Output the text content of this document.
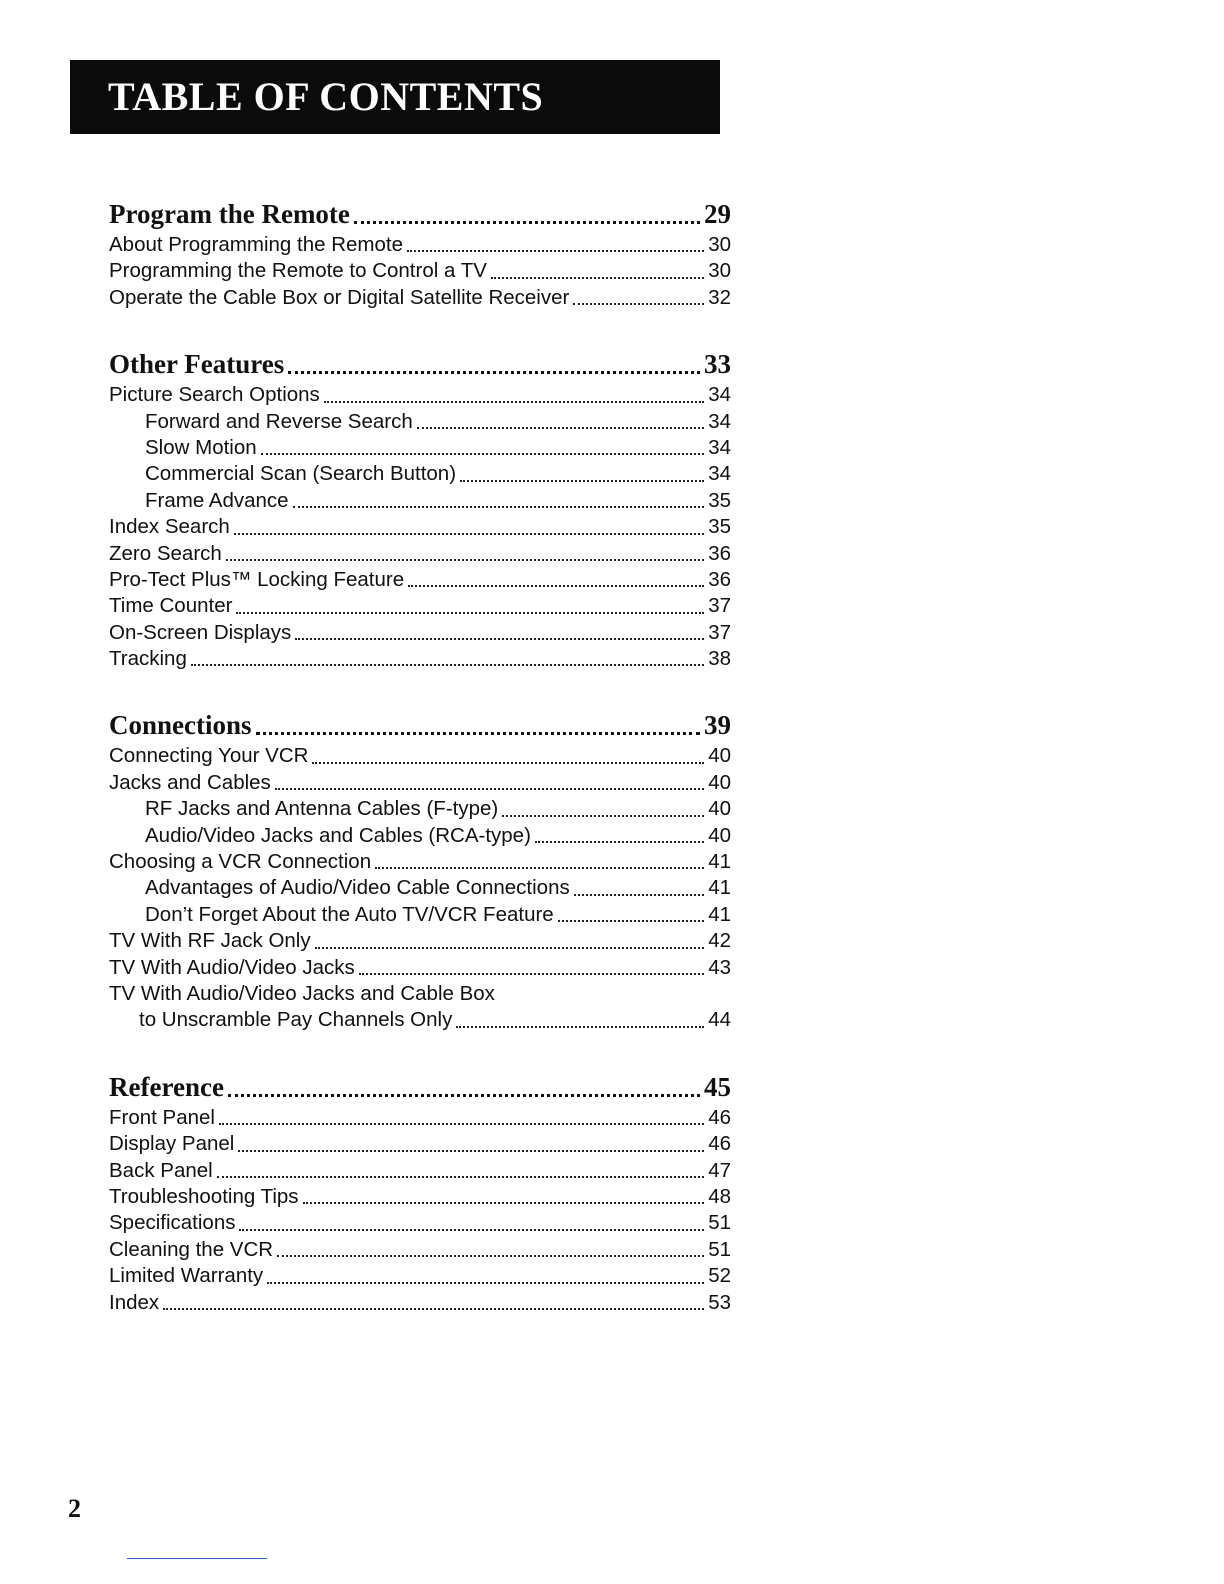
TABLE OF CONTENTS
Program the Remote	29
About Programming the Remote	30
Programming the Remote to Control a TV	30
Operate the Cable Box or Digital Satellite Receiver	32
Other Features	33
Picture Search Options	34
Forward and Reverse Search	34
Slow Motion	34
Commercial Scan (Search Button)	34
Frame Advance	35
Index Search	35
Zero Search	36
Pro-Tect Plus™ Locking Feature	36
Time Counter	37
On-Screen Displays	37
Tracking	38
Connections	39
Connecting Your VCR	40
Jacks and Cables	40
RF Jacks and Antenna Cables (F-type)	40
Audio/Video Jacks and Cables (RCA-type)	40
Choosing a VCR Connection	41
Advantages of Audio/Video Cable Connections	41
Don’t Forget About the Auto TV/VCR Feature	41
TV With RF Jack Only	42
TV With Audio/Video Jacks	43
TV With Audio/Video Jacks and Cable Box
to Unscramble Pay Channels Only	44
Reference	45
Front Panel	46
Display Panel	46
Back Panel	47
Troubleshooting Tips	48
Specifications	51
Cleaning the VCR	51
Limited Warranty	52
Index	53
2
